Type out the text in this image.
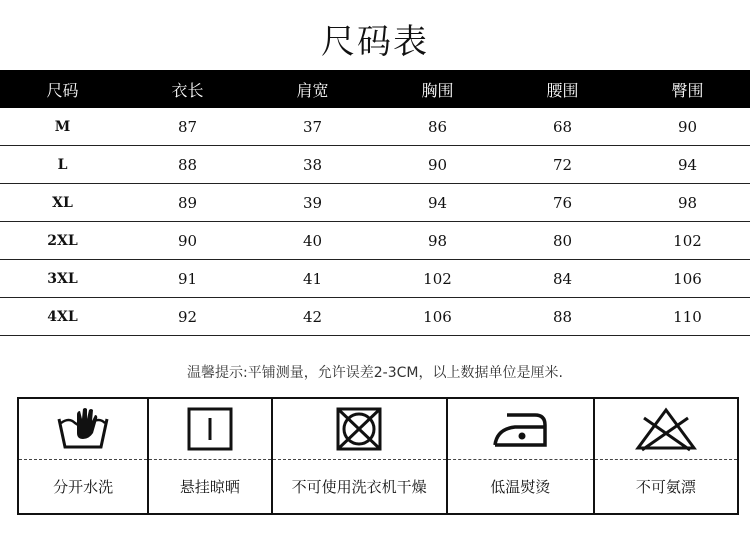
尺码表
尺码	衣长	肩宽	胸围	腰围	臀围
M	87	37	86	68	90
L	88	38	90	72	94
XL	89	39	94	76	98
2XL	90	40	98	80	102
3XL	91	41	102	84	106
4XL	92	42	106	88	110
温馨提示:平铺测量，允许误差2-3CM，以上数据单位是厘米.
分开水洗	悬挂晾晒	不可使用洗衣机干燥	低温熨烫	不可氨漂
